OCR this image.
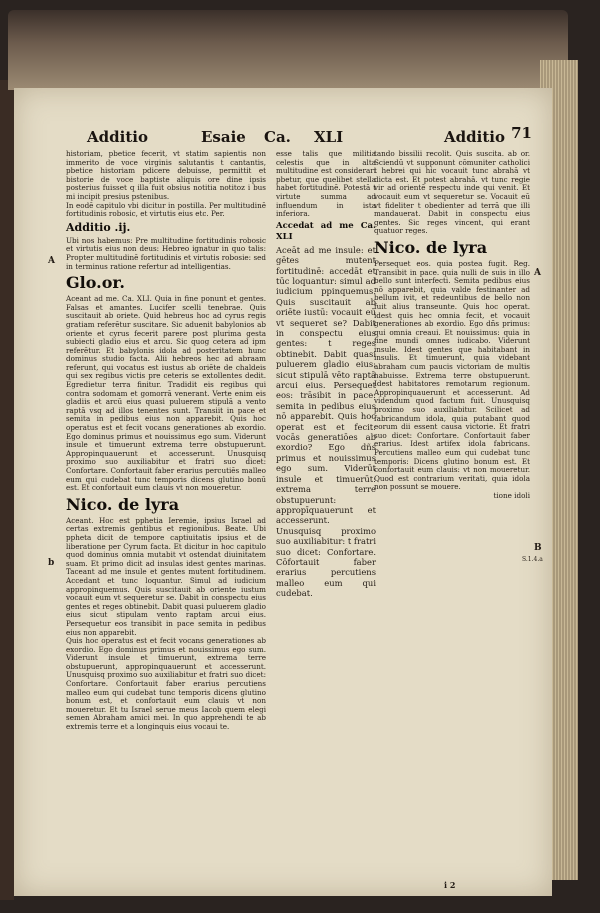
Additio	Esaie Ca. XLI	Additio 71
historiam, pbetice fecerit, vt statim sapientis non immerito de voce virginis salutantis t cantantis, pbetice historiam pdicere debuisse, permittit et bistorie de voce baptiste aliquis ore dine ipsis posterius fuisset q illa fuit obsius notitia notitoz i bus mi incipit presius pstenibus.
In eodē capitulo vbi dicitur in postilla. Per multitudinē fortitudinis robosic, et virtutis eius etc. Per.
Additio .ij.
Ubi nos habemus: Pre multitudine fortitudinis robosic et virtutis eius non deus: Hebreo ignatur in quo talis: Propter multitudinē fortitudinis et virtutis robosie: sed in terminus ratione refertur ad intelligentias.
Glo.or.
Aceant ad me. Ca. XLI. Quia in fine ponunt et gentes. Falsas et amantes. Lucifer scelli tenebrae. Quis suscitauit ab oriete. Quid hebreus hoc ad cyrus regis gratiam referētur suscitare. Sic aduenit babylonios ab oriente et cyrus fecerit parere post plurima gesta subiecti gladio eius et arcu. Sic quog cetera ad ipm referētur. Et babylonis idola ad posteritatem hunc dominus studio facta. Alii hebreos hec ad abraam referunt, qui vocatus est iustus ab oriēte de chaldeis qui sex regibus victis pre ceteris se extollentes dedit. Egredietur terra finitur. Tradidit eis regibus qui contra sodomam et gomorrā venerant. Verte enim eis gladiis et arcū eius quasi puluerem stipulā a vento raptā vsq ad illos tenentes sunt. Transiit in pace et semita in pedibus eius non apparebit. Quis hoc operatus est et fecit vocans generationes ab exordio. Ego dominus primus et nouissimus ego sum. Viderunt insule et timuerunt extrema terre obstupuerunt. Appropinquauerunt et accesserunt. Unusquisq proximo suo auxiliabitur et fratri suo dicet: Confortare. Confortauit faber erarius percutiēs malleo eum qui cudebat tunc temporis dicens glutino bonū est. Et confortauit eum clauis vt non moueretur.
Nico. de lyra
Aceant. Hoc est pphetia Ieremie, ipsius Israel ad certas extremis gentibus et regionibus. Beate. Ubi ppheta dicit de tempore captiuitatis ipsius et de liberatione per Cyrum facta. Et dicitur in hoc capitulo quod dominus omnia mutabit vt ostendat diuinitatem suam. Et primo dicit ad insulas idest gentes marinas. Taceant ad me insule et gentes mutent fortitudinem. Accedant et tunc loquantur. Simul ad iudicium appropinquemus. Quis suscitauit ab oriente iustum vocauit eum vt sequeretur se. Dabit in conspectu eius gentes et reges obtinebit. Dabit quasi puluerem gladio eius sicut stipulam vento raptam arcui eius. Persequetur eos transibit in pace semita in pedibus eius non apparebit.
Quis hoc operatus est et fecit vocans generationes ab exordio. Ego dominus primus et nouissimus ego sum. Viderunt insule et timuerunt, extrema terre obstupuerunt, appropinquauerunt et accesserunt. Unusquisq proximo suo auxiliabitur et fratri suo dicet: Confortare. Confortauit faber erarius percutiens malleo eum qui cudebat tunc temporis dicens glutino bonum est, et confortauit eum clauis vt non moueretur. Et tu Israel serue meus Iacob quem elegi semen Abraham amici mei. In quo apprehendi te ab extremis terre et a longinquis eius vocaui te.
esse talis que militia celestis que in alta multitudine est considerari pbetur, que quelibet stella habet fortitudinē. Potestā t virtute summa ad influendum in ista inferiora.
Accedat ad me Ca. XLI
Aceāt ad me insule: et gētes mutent fortitudinē: accedāt et tūc loquantur: simul ad iudicium ppinquemus. Quis suscitauit ab oriēte iustū: vocauit eū vt sequeret se? Dabit in conspectu eius gentes: t reges obtinebit. Dabit quasi puluerem gladio eius: sicut stipulā vēto raptā arcui eius. Persequet eos: trāsibit in pace: semita in pedibus eius nō apparebit. Quis hoc operat est et fecit: vocās generatiōes ab exordio? Ego dñs primus et nouissimus ego sum. Viderūt insule et timuerūt: extrema terre obstupuerunt: appropīquauerunt et accesserunt. Unusquisq proximo suo auxiliabitur: t fratri suo dicet: Confortare. Cōfortauit faber erarius percutiens malleo eum qui cudebat.
tando bissilii recolit. Quis suscita. ab or. Sciendū vt supponunt cōmuniter catholici t hebrei qui hic vocauit tunc abrahā vt dicta est. Et potest abrahā. vt tunc regie vir ad orientē respectu inde qui venit. Et vocauit eum vt sequeretur se. Vocauit eū vt fideliter t obedienter ad terrā que illi mandauerat. Dabit in conspectu eius gentes. Sic reges vincent, qui erant quatuor reges.
Nico. de lyra
Persequet eos. quia postea fugit. Reg. Transibit in pace. quia nulli de suis in illo bello sunt interfecti. Semita pedibus eius nō apparebit, quia valde festinanter ad bellum ivit, et redeuntibus de bello non fuit alius transeunte. Quis hoc operat. idest quis hec omnia fecit, et vocauit generationes ab exordio. Ego dñs primus: qui omnia creaui. Et nouissimus: quia in fine mundi omnes iudicabo. Viderunt insule. Idest gentes que habitabant in insulis. Et timuerunt, quia videbant abraham cum paucis victoriam de multis habuisse. Extrema terre obstupuerunt. Idest habitatores remotarum regionum. Appropinquauerunt et accesserunt. Ad videndum quod factum fuit. Unusquisq proximo suo auxiliabitur. Scilicet ad fabricandum idola, quia putabant quod eorum dii essent causa victorie. Et fratri suo dicet: Confortare. Confortauit faber erarius. Idest artifex idola fabricans. Percutiens malleo eum qui cudebat tunc temporis: Dicens glutino bonum est. Et confortauit eum clauis: vt non moueretur. Quod est contrarium veritati, quia idola non possunt se mouere.
tione idoli
A
b
A
B
S.1.4.a
i 2
